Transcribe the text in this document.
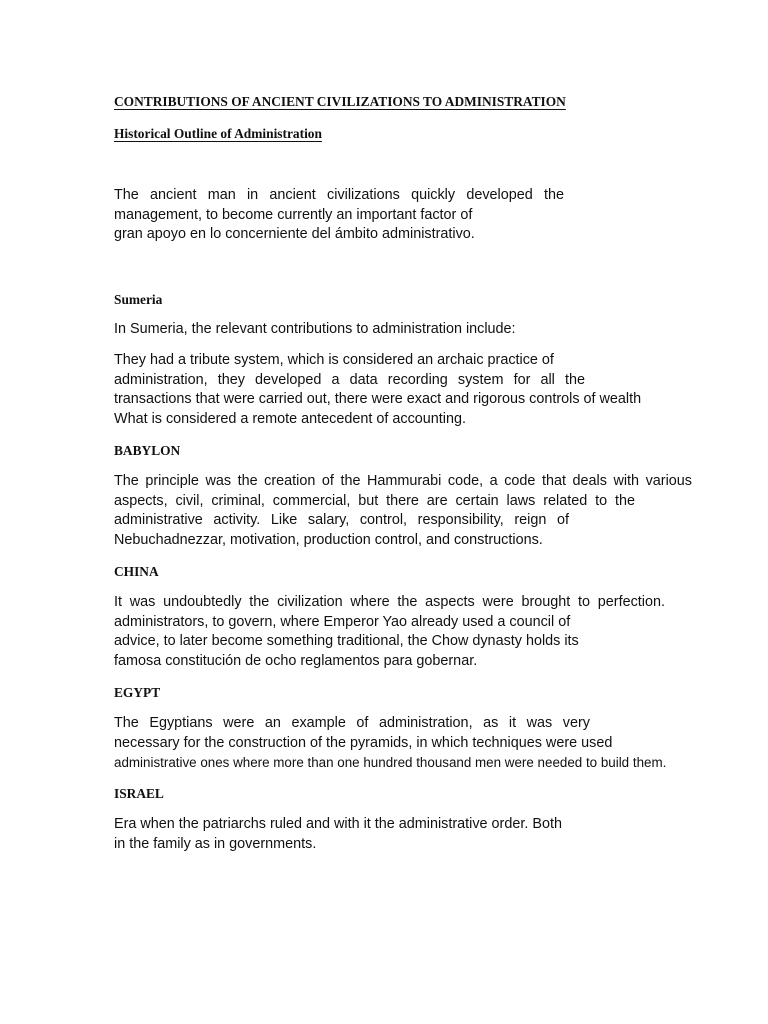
CONTRIBUTIONS OF ANCIENT CIVILIZATIONS TO ADMINISTRATION
Historical Outline of Administration

The ancient man in ancient civilizations quickly developed the
management, to become currently an important factor of
gran apoyo en lo concerniente del ámbito administrativo.

Sumeria

In Sumeria, the relevant contributions to administration include:

They had a tribute system, which is considered an archaic practice of
administration, they developed a data recording system for all the
transactions that were carried out, there were exact and rigorous controls of wealth
What is considered a remote antecedent of accounting.

BABYLON

The principle was the creation of the Hammurabi code, a code that deals with various
aspects, civil, criminal, commercial, but there are certain laws related to the
administrative activity. Like salary, control, responsibility, reign of
Nebuchadnezzar, motivation, production control, and constructions.

CHINA

It was undoubtedly the civilization where the aspects were brought to perfection.
administrators, to govern, where Emperor Yao already used a council of
advice, to later become something traditional, the Chow dynasty holds its
famosa constitución de ocho reglamentos para gobernar.

EGYPT

The Egyptians were an example of administration, as it was very
necessary for the construction of the pyramids, in which techniques were used
administrative ones where more than one hundred thousand men were needed to build them.

ISRAEL

Era when the patriarchs ruled and with it the administrative order. Both
in the family as in governments.
